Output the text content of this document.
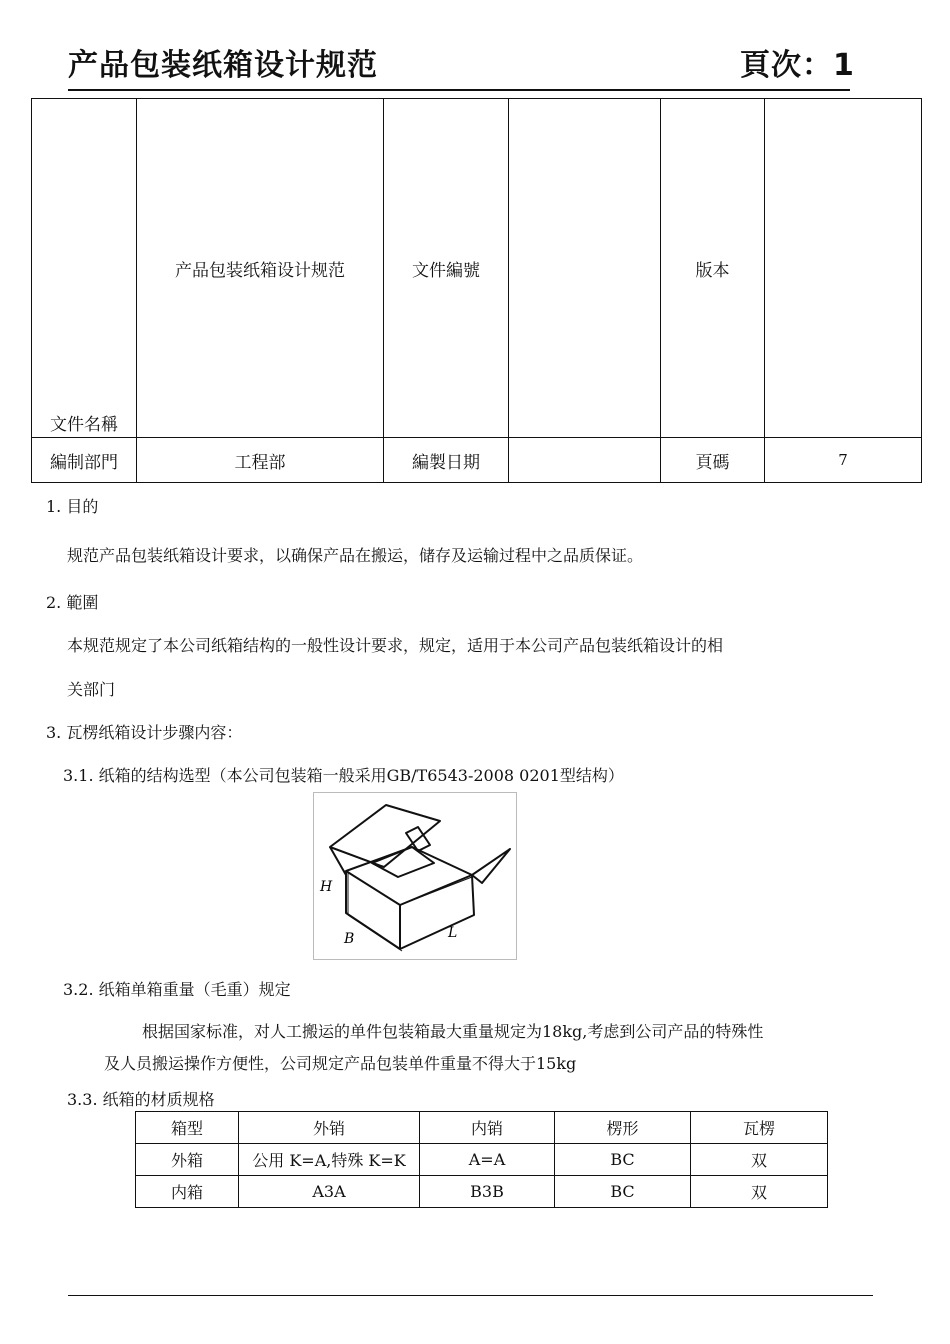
产品包装纸箱设计规范	頁次：1
文件名稱	产品包装纸箱设计规范	文件編號		版本	
編制部門	工程部	編製日期		頁碼	7
1. 目的
规范产品包装纸箱设计要求，以确保产品在搬运，储存及运输过程中之品质保证。
2. 範圍
本规范规定了本公司纸箱结构的一般性设计要求，规定，适用于本公司产品包装纸箱设计的相
关部门
3. 瓦楞纸箱设计步骤内容：
3.1. 纸箱的结构选型（本公司包装箱一般采用GB/T6543-2008 0201型结构）
H
B	L
3.2. 纸箱单箱重量（毛重）规定
根据国家标准，对人工搬运的单件包装箱最大重量规定为18kg,考虑到公司产品的特殊性
及人员搬运操作方便性，公司规定产品包装单件重量不得大于15kg
3.3. 纸箱的材质规格
箱型	外销	内销	楞形	瓦楞
外箱	公用 K=A,特殊 K=K	A=A	BC	双
内箱	A3A	B3B	BC	双
